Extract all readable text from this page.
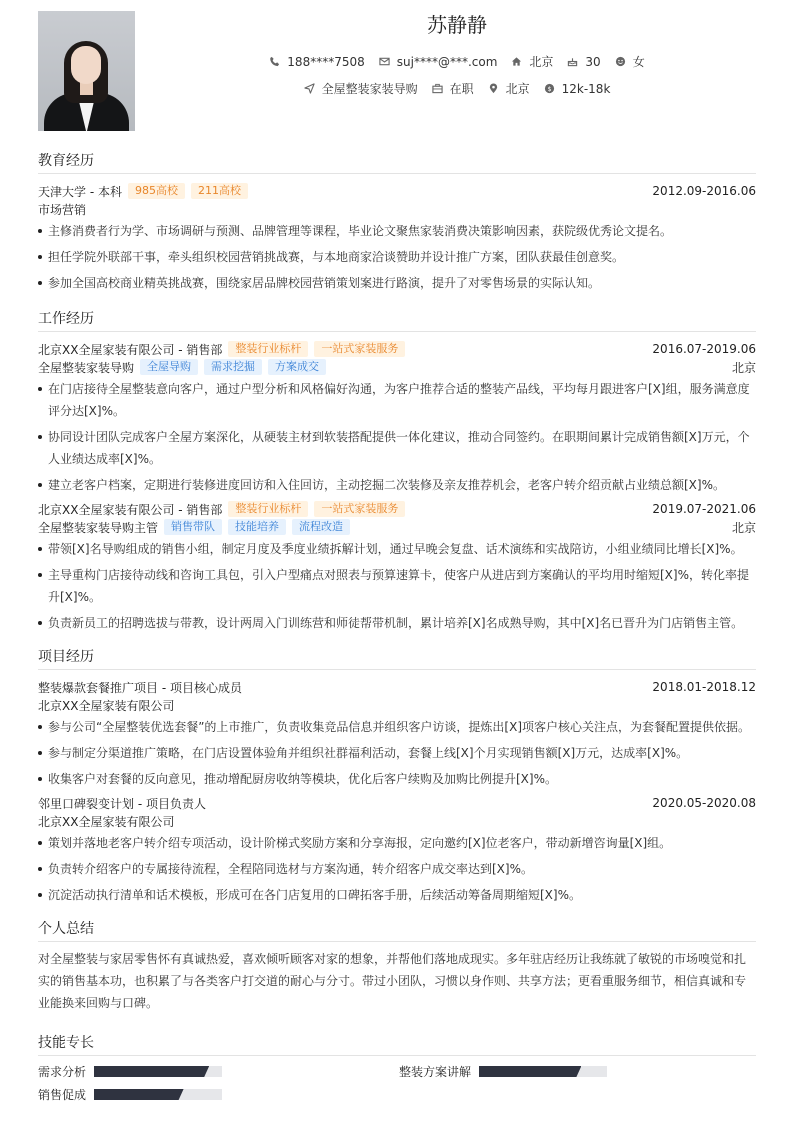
苏静静
188****7508	suj****@***.com	北京	30	女
全屋整装家装导购	在职	北京 $ 12k-18k
教育经历
天津大学 - 本科	985高校	211高校	2012.09-2016.06
市场营销
主修消费者行为学、市场调研与预测、品牌管理等课程，毕业论文聚焦家装消费决策影响因素，获院级优秀论文提名。
担任学院外联部干事，牵头组织校园营销挑战赛，与本地商家洽谈赞助并设计推广方案，团队获最佳创意奖。
参加全国高校商业精英挑战赛，围绕家居品牌校园营销策划案进行路演，提升了对零售场景的实际认知。
工作经历
北京XX全屋家装有限公司 - 销售部	整装行业标杆	一站式家装服务	2016.07-2019.06
全屋整装家装导购	全屋导购	需求挖掘	方案成交	北京
在门店接待全屋整装意向客户，通过户型分析和风格偏好沟通，为客户推荐合适的整装产品线，平均每月跟进客户[X]组，服务满意度评分达[X]%。
协同设计团队完成客户全屋方案深化，从硬装主材到软装搭配提供一体化建议，推动合同签约。在职期间累计完成销售额[X]万元，个人业绩达成率[X]%。
建立老客户档案，定期进行装修进度回访和入住回访，主动挖掘二次装修及亲友推荐机会，老客户转介绍贡献占业绩总额[X]%。
北京XX全屋家装有限公司 - 销售部	整装行业标杆	一站式家装服务	2019.07-2021.06
全屋整装家装导购主管	销售带队	技能培养	流程改造	北京
带领[X]名导购组成的销售小组，制定月度及季度业绩拆解计划，通过早晚会复盘、话术演练和实战陪访，小组业绩同比增长[X]%。
主导重构门店接待动线和咨询工具包，引入户型痛点对照表与预算速算卡，使客户从进店到方案确认的平均用时缩短[X]%，转化率提升[X]%。
负责新员工的招聘选拔与带教，设计两周入门训练营和师徒帮带机制，累计培养[X]名成熟导购，其中[X]名已晋升为门店销售主管。
项目经历
整装爆款套餐推广项目 - 项目核心成员	2018.01-2018.12
北京XX全屋家装有限公司
参与公司“全屋整装优选套餐”的上市推广，负责收集竞品信息并组织客户访谈，提炼出[X]项客户核心关注点，为套餐配置提供依据。
参与制定分渠道推广策略，在门店设置体验角并组织社群福利活动，套餐上线[X]个月实现销售额[X]万元，达成率[X]%。
收集客户对套餐的反向意见，推动增配厨房收纳等模块，优化后客户续购及加购比例提升[X]%。
邻里口碑裂变计划 - 项目负责人	2020.05-2020.08
北京XX全屋家装有限公司
策划并落地老客户转介绍专项活动，设计阶梯式奖励方案和分享海报，定向邀约[X]位老客户，带动新增咨询量[X]组。
负责转介绍客户的专属接待流程，全程陪同选材与方案沟通，转介绍客户成交率达到[X]%。
沉淀活动执行清单和话术模板，形成可在各门店复用的口碑拓客手册，后续活动筹备周期缩短[X]%。
个人总结
对全屋整装与家居零售怀有真诚热爱，喜欢倾听顾客对家的想象，并帮他们落地成现实。多年驻店经历让我练就了敏锐的市场嗅觉和扎实的销售基本功，也积累了与各类客户打交道的耐心与分寸。带过小团队，习惯以身作则、共享方法；更看重服务细节，相信真诚和专业能换来回购与口碑。
技能专长
需求分析	整装方案讲解
销售促成
